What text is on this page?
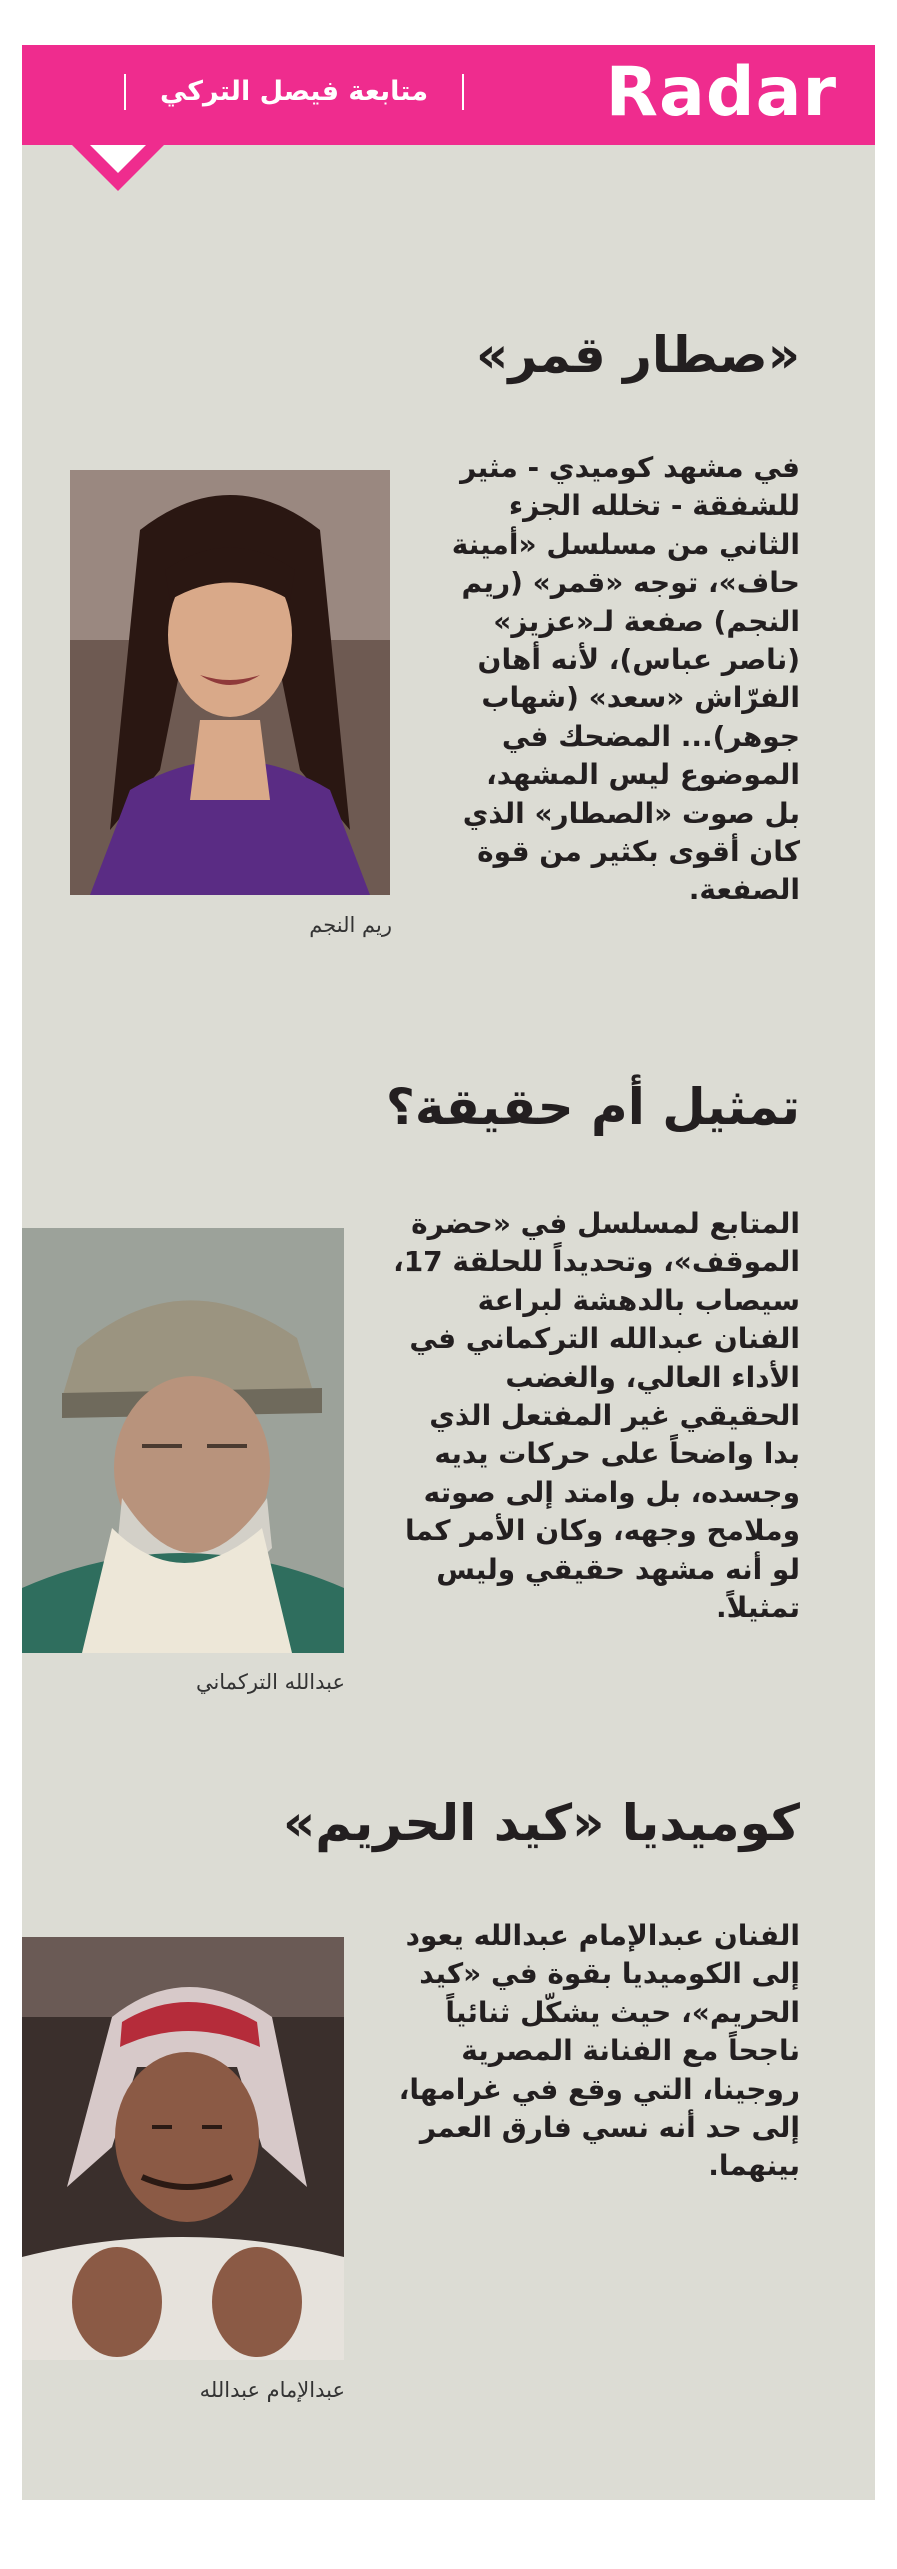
Radar
متابعة فيصل التركي
«صطار قمر»
ريم النجم
في مشهد كوميدي - مثير للشفقة - تخلله الجزء الثاني من مسلسل «أمينة حاف»، توجه «قمر» (ريم النجم) صفعة لـ«عزيز» (ناصر عباس)، لأنه أهان الفرّاش «سعد» (شهاب جوهر)... المضحك في الموضوع ليس المشهد، بل صوت «الصطار» الذي كان أقوى بكثير من قوة الصفعة.
تمثيل أم حقيقة؟
عبدالله التركماني
المتابع لمسلسل في «حضرة الموقف»، وتحديداً للحلقة 17، سيصاب بالدهشة لبراعة الفنان عبدالله التركماني في الأداء العالي، والغضب الحقيقي غير المفتعل الذي بدا واضحاً على حركات يديه وجسده، بل وامتد إلى صوته وملامح وجهه، وكان الأمر كما لو أنه مشهد حقيقي وليس تمثيلاً.
كوميديا «كيد الحريم»
عبدالإمام عبدالله
الفنان عبدالإمام عبدالله يعود إلى الكوميديا بقوة في «كيد الحريم»، حيث يشكّل ثنائياً ناجحاً مع الفنانة المصرية روجينا، التي وقع في غرامها، إلى حد أنه نسي فارق العمر بينهما.
